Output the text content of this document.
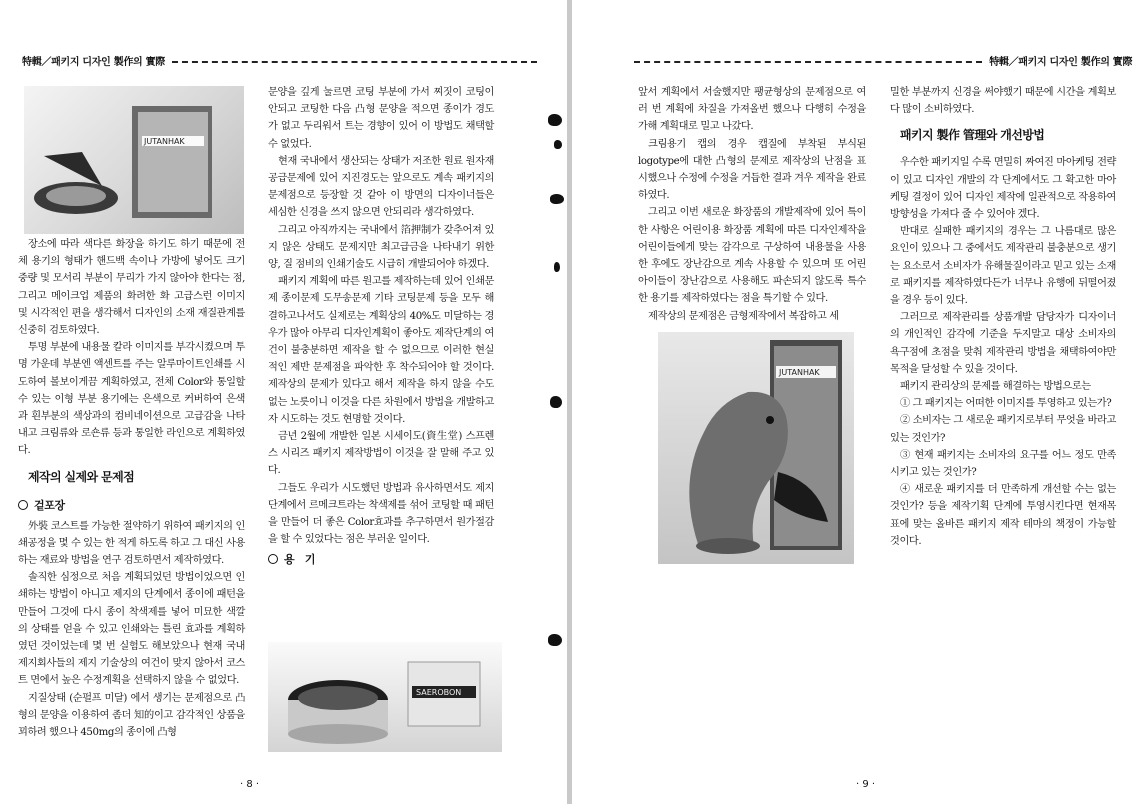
特輯／패키지 디자인 製作의 實際
JUTANHAK

장소에 따라 색다른 화장을 하기도 하기 때문에 전체 용기의 형태가 핸드백 속이나 가방에 넣어도 크기 중량 및 모서리 부분이 무리가 가지 않아야 한다는 점, 그리고 메이크업 제품의 화려한 화 고급스런 이미지 및 시각적인 편을 생각해서 디자인의 소재 재질관계를 신중히 검토하였다.

투명 부분에 내용물 칼라 이미지를 부각시켰으며 투명 가운데 부분엔 액센트를 주는 알루마이트인쇄를 시도하여 볼보이게끔 계획하였고, 전체 Color와 통일할 수 있는 이형 부분 용기에는 은색으로 커버하여 은색과 흰부분의 색상과의 컴비네이션으로 고급감을 나타내고 크림류와 로숀류 등과 통일한 라인으로 계획하였다.

제작의 실제와 문제점

겉포장

外裝 코스트를 가능한 절약하기 위하여 패키지의 인쇄공정을 몇 수 있는 한 적게 하도록 하고 그 대신 사용하는 재료와 방법을 연구 검토하면서 제작하였다.

솔직한 심정으로 처음 계획되었던 방법이었으면 인쇄하는 방법이 아니고 제지의 단계에서 종이에 패턴을 만들어 그것에 다시 종이 착색제를 넣어 미묘한 색깔의 상태를 얻을 수 있고 인쇄와는 틀린 효과를 계획하였던 것이었는데 몇 번 실험도 해보았으나 현재 국내제지회사들의 제지 기술상의 여건이 맞지 않아서 코스트 면에서 높은 수정계획을 선택하지 않을 수 없었다.

지질상태 (순펄프 미달) 에서 생기는 문제점으로 凸형의 문양을 이용하여 좀더 知的이고 감각적인 상품을 꾀하려 했으나 450mg의 종이에 凸형

문양을 깊게 눌르면 코팅 부분에 가서 찌짓이 코팅이 안되고 코팅한 다음 凸형 문양을 적으면 종이가 경도가 없고 두리워서 트는 경향이 있어 이 방법도 채택할 수 없었다.

현재 국내에서 생산되는 상태가 저조한 원료 원자재 공급문제에 있어 지진경도는 앞으로도 계속 패키지의 문제점으로 등장할 것 같아 이 방면의 디자이너들은 세심한 신경을 쓰지 않으면 안되리라 생각하였다.

그리고 아직까지는 국내에서 箔押制가 갖추어져 있지 않은 상태도 문제지만 최고급금을 나타내기 위한 양, 질 점비의 인쇄기술도 시급히 개발되어야 하겠다.

패키지 계획에 따른 원고를 제작하는데 있어 인쇄문제 종이문제 도무송문제 기타 코팅문제 등을 모두 해결하고나서도 실제로는 계획상의 40%도 미달하는 경우가 많아 아무리 디자인계획이 좋아도 제작단계의 여건이 불충분하면 제작을 할 수 없으므로 이러한 현실적인 제반 문제점을 파악한 후 착수되어야 할 것이다. 제작상의 문제가 있다고 해서 제작을 하지 않을 수도 없는 노릇이니 이것을 다른 차원에서 방법을 개발하고자 시도하는 것도 현명할 것이다.

금년 2월에 개발한 일본 시세이도(資生堂) 스프렌스 시리즈 패키지 제작방법이 이것을 잘 말해 주고 있다.

그들도 우리가 시도했던 방법과 유사하면서도 제지 단계에서 르메크트라는 착색제를 섞어 코팅할 때 패턴을 만들어 더 좋은 Color효과를 추구하면서 원가절감을 할 수 있었다는 점은 부러운 일이다.

용　기

SAEROBON
· 8 ·
特輯／패키지 디자인 製作의 實際

앞서 계획에서 서술했지만 팽균형상의 문제점으로 여러 번 계획에 차질을 가져올번 했으나 다행히 수정을 가해 계획대로 밀고 나갔다.

크림용기 캡의 경우 캡질에 부착된 부식된 logotype에 대한 凸형의 문제로 제작상의 난점을 표시했으나 수정에 수정을 거듭한 결과 겨우 제작을 완료하였다.

그리고 이번 새로운 화장품의 개발제작에 있어 특이한 사항은 어린이용 화장품 계획에 따른 디자인제작을 어린이들에게 맞는 감각으로 구상하여 내용물을 사용한 후에도 장난감으로 계속 사용할 수 있으며 또 어린아이들이 장난감으로 사용해도 파손되지 않도록 특수한 용기를 제작하였다는 점을 특기할 수 있다.

제작상의 문제점은 금형제작에서 복잡하고 세

JUTANHAK

밀한 부분까지 신경을 써야했기 때문에 시간을 계획보다 많이 소비하였다.

패키지 製作 管理와 개선방법

우수한 패키지일 수록 면밀히 짜여진 마아케팅 전략이 있고 디자인 개발의 각 단계에서도 그 확고한 마아케팅 결정이 있어 디자인 제작에 일관적으로 작용하여 방향성을 가져다 줄 수 있어야 겠다.

반대로 실패한 패키지의 경우는 그 나름대로 많은 요인이 있으나 그 중에서도 제작관리 불충분으로 생기는 요소로서 소비자가 유해물질이라고 믿고 있는 소재로 패키지를 제작하였다든가 너무나 유행에 뒤떨어졌을 경우 등이 있다.

그러므로 제작관리를 상품개발 담당자가 디자이너의 개인적인 감각에 기준을 두지말고 대상 소비자의 욕구점에 초점을 맞춰 제작관리 방법을 채택하여야만 목적을 달성할 수 있을 것이다.

패키지 관리상의 문제를 해결하는 방법으로는

① 그 패키지는 어떠한 이미지를 투영하고 있는가?

② 소비자는 그 새로운 패키지로부터 무엇을 바라고 있는 것인가?

③ 현재 패키지는 소비자의 요구를 어느 정도 만족시키고 있는 것인가?

④ 새로운 패키지를 더 만족하게 개선할 수는 없는 것인가? 등을 제작기획 단계에 투영시킨다면 현재목표에 맞는 올바른 패키지 제작 테마의 책정이 가능할 것이다.

· 9 ·
